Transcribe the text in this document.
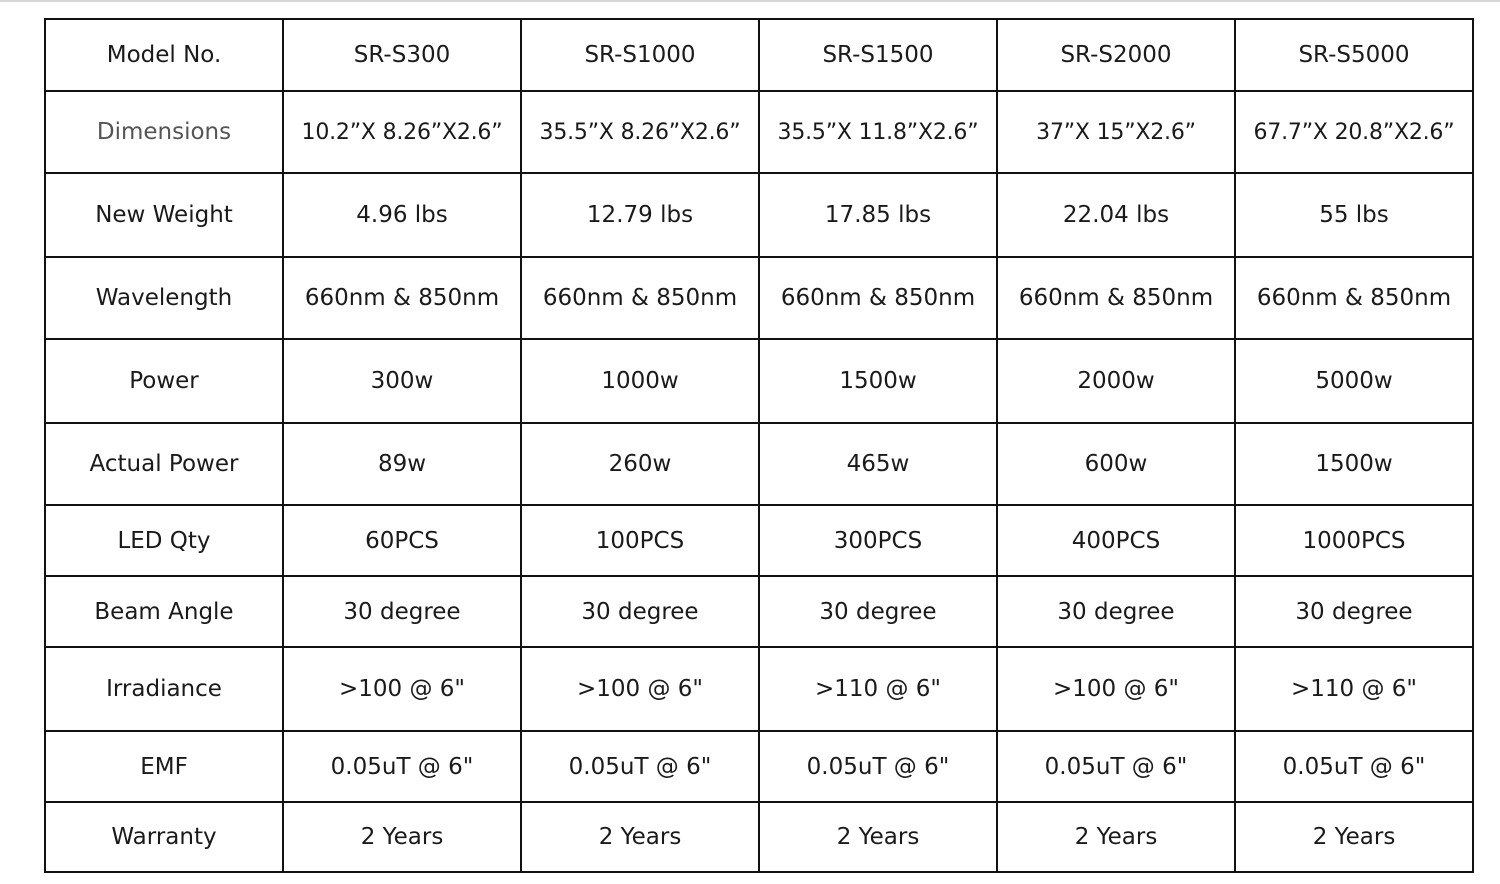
Model No.	SR-S300	SR-S1000	SR-S1500	SR-S2000	SR-S5000
Dimensions	10.2”X 8.26”X2.6”	35.5”X 8.26”X2.6”	35.5”X 11.8”X2.6”	37”X 15”X2.6”	67.7”X 20.8”X2.6”
New Weight	4.96 lbs	12.79 lbs	17.85 lbs	22.04 lbs	55 lbs
Wavelength	660nm & 850nm	660nm & 850nm	660nm & 850nm	660nm & 850nm	660nm & 850nm
Power	300w	1000w	1500w	2000w	5000w
Actual Power	89w	260w	465w	600w	1500w
LED Qty	60PCS	100PCS	300PCS	400PCS	1000PCS
Beam Angle	30 degree	30 degree	30 degree	30 degree	30 degree
Irradiance	>100 @ 6"	>100 @ 6"	>110 @ 6"	>100 @ 6"	>110 @ 6"
EMF	0.05uT @ 6"	0.05uT @ 6"	0.05uT @ 6"	0.05uT @ 6"	0.05uT @ 6"
Warranty	2 Years	2 Years	2 Years	2 Years	2 Years
